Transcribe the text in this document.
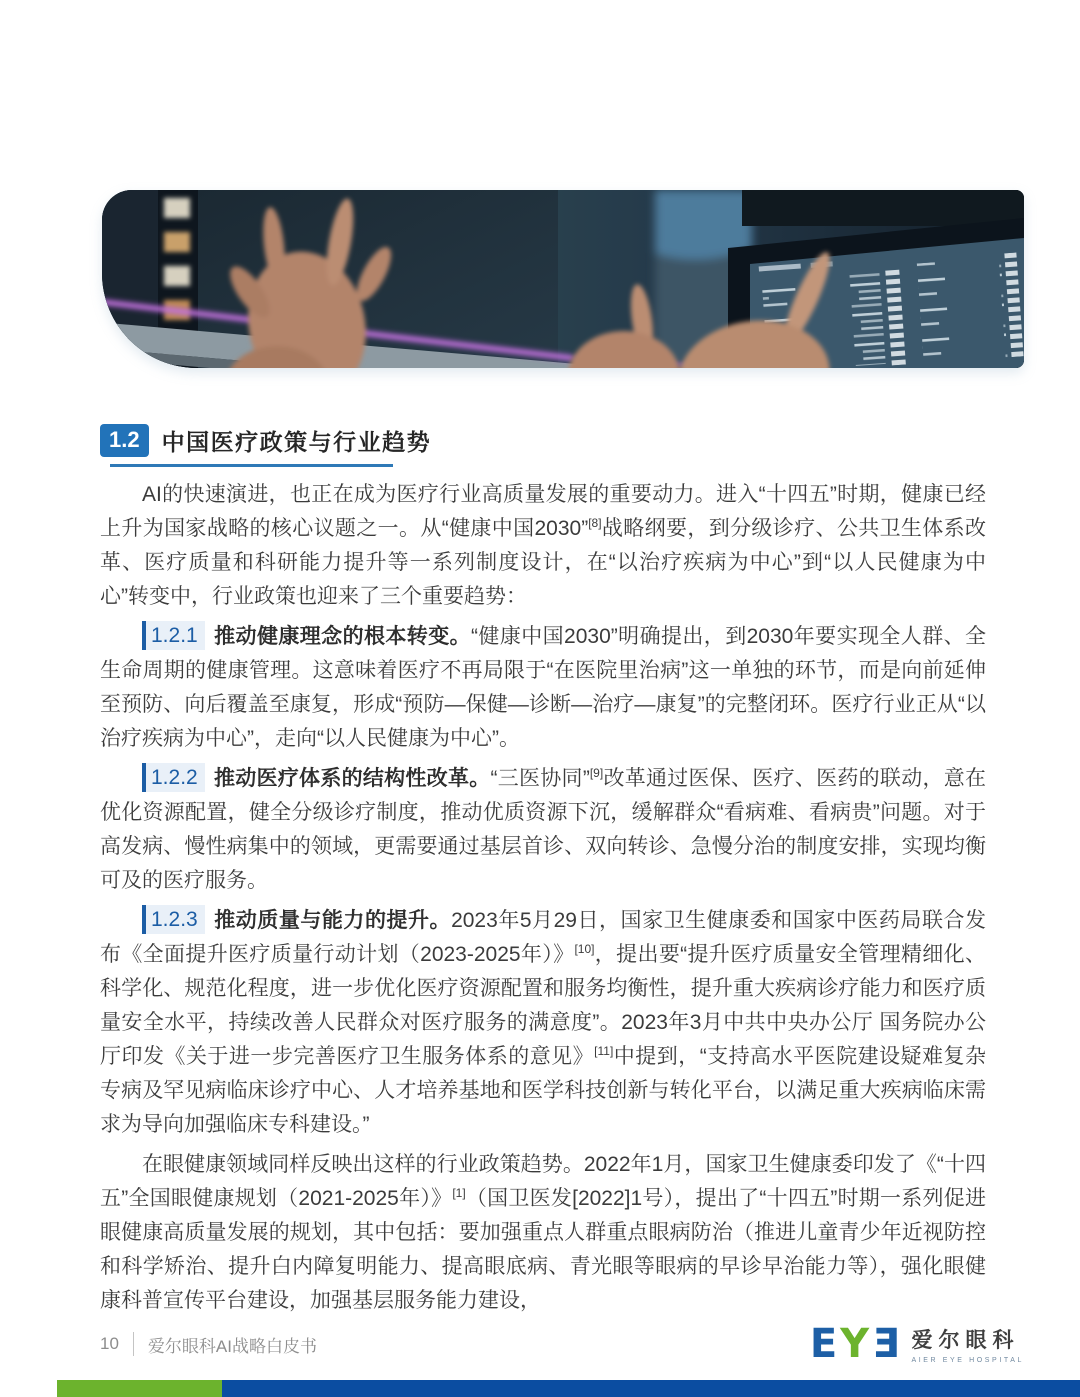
1.2 中国医疗政策与行业趋势

AI的快速演进，也正在成为医疗行业高质量发展的重要动力。进入“十四五”时期，健康已经上升为国家战略的核心议题之一。从“健康中国2030”[8]战略纲要，到分级诊疗、公共卫生体系改革、医疗质量和科研能力提升等一系列制度设计，在“以治疗疾病为中心”到“以人民健康为中心”转变中，行业政策也迎来了三个重要趋势：

1.2.1 推动健康理念的根本转变。“健康中国2030”明确提出，到2030年要实现全人群、全生命周期的健康管理。这意味着医疗不再局限于“在医院里治病”这一单独的环节，而是向前延伸至预防、向后覆盖至康复，形成“预防—保健—诊断—治疗—康复”的完整闭环。医疗行业正从“以治疗疾病为中心”，走向“以人民健康为中心”。

1.2.2 推动医疗体系的结构性改革。“三医协同”[9]改革通过医保、医疗、医药的联动，意在优化资源配置，健全分级诊疗制度，推动优质资源下沉，缓解群众“看病难、看病贵”问题。对于高发病、慢性病集中的领域，更需要通过基层首诊、双向转诊、急慢分治的制度安排，实现均衡可及的医疗服务。

1.2.3 推动质量与能力的提升。2023年5月29日，国家卫生健康委和国家中医药局联合发布《全面提升医疗质量行动计划（2023-2025年）》[10]，提出要“提升医疗质量安全管理精细化、科学化、规范化程度，进一步优化医疗资源配置和服务均衡性，提升重大疾病诊疗能力和医疗质量安全水平，持续改善人民群众对医疗服务的满意度”。2023年3月中共中央办公厅 国务院办公厅印发《关于进一步完善医疗卫生服务体系的意见》[11]中提到，“支持高水平医院建设疑难复杂专病及罕见病临床诊疗中心、人才培养基地和医学科技创新与转化平台，以满足重大疾病临床需求为导向加强临床专科建设。”

在眼健康领域同样反映出这样的行业政策趋势。2022年1月，国家卫生健康委印发了《“十四五”全国眼健康规划（2021-2025年）》[1]（国卫医发[2022]1号），提出了“十四五”时期一系列促进眼健康高质量发展的规划，其中包括：要加强重点人群重点眼病防治（推进儿童青少年近视防控和科学矫治、提升白内障复明能力、提高眼底病、青光眼等眼病的早诊早治能力等），强化眼健康科普宣传平台建设，加强基层服务能力建设，

10 爱尔眼科AI战略白皮书	E Y E 爱尔眼科
AIER EYE HOSPITAL
